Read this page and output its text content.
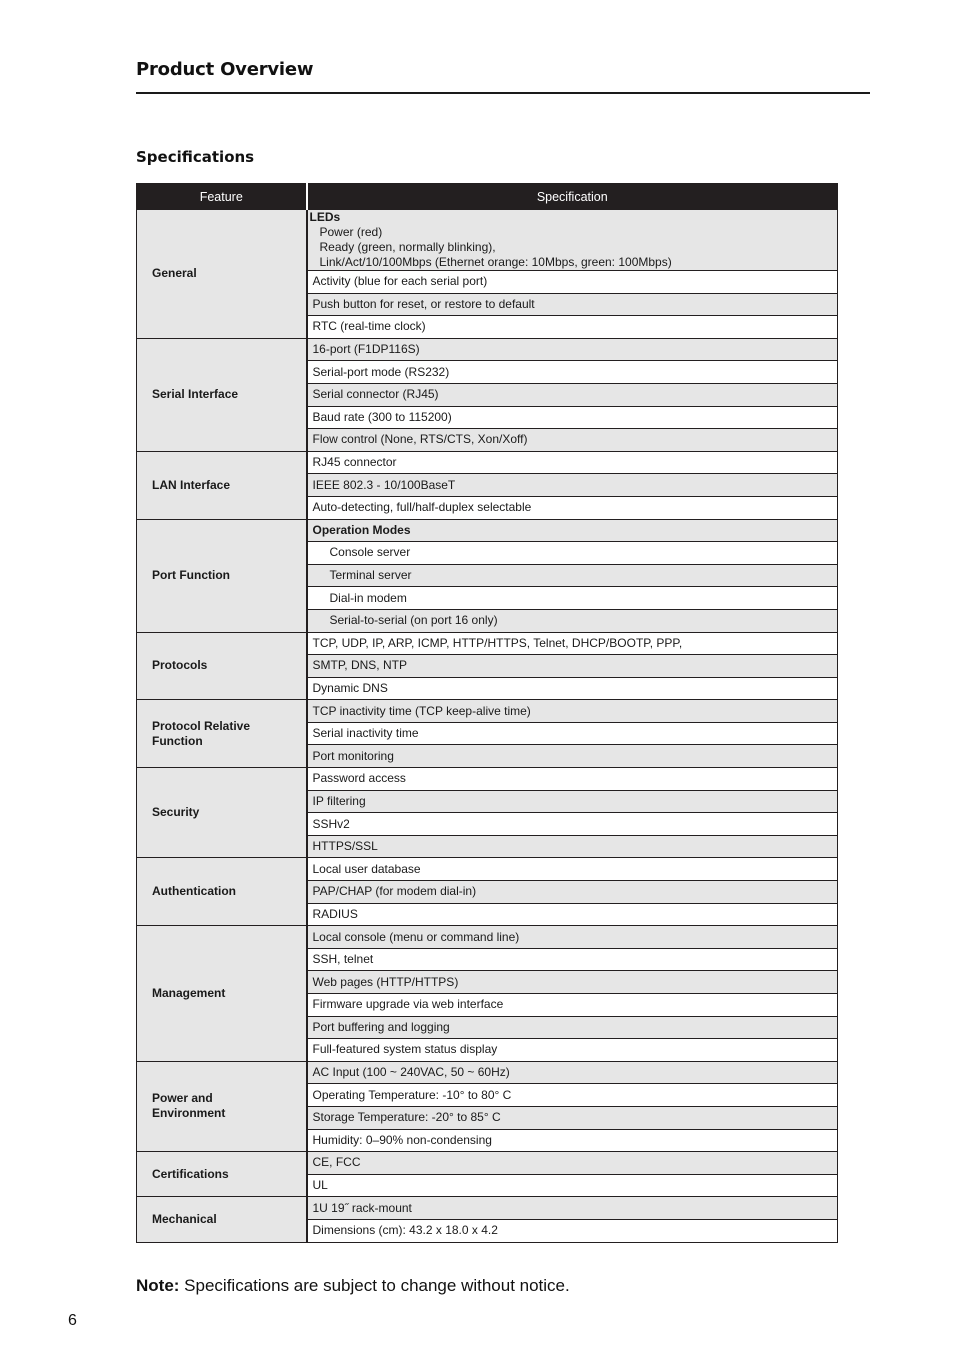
Product Overview
Specifications
Feature	Specification
General	LEDs
Power (red)
Ready (green, normally blinking),
Link/Act/10/100Mbps (Ethernet orange: 10Mbps, green: 100Mbps)

	Activity (blue for each serial port)
	Push button for reset, or restore to default
	RTC (real-time clock)
Serial Interface	16-port (F1DP116S)
	Serial-port mode (RS232)
	Serial connector (RJ45)
	Baud rate (300 to 115200)
	Flow control (None, RTS/CTS, Xon/Xoff)
LAN Interface	RJ45 connector
	IEEE 802.3 - 10/100BaseT
	Auto-detecting, full/half-duplex selectable
Port Function	Operation Modes
	Console server
	Terminal server
	Dial-in modem
	Serial-to-serial (on port 16 only)
Protocols	TCP, UDP, IP, ARP, ICMP, HTTP/HTTPS, Telnet, DHCP/BOOTP, PPP,
	SMTP, DNS, NTP
	Dynamic DNS
Protocol Relative
Function	TCP inactivity time (TCP keep-alive time)
	Serial inactivity time
	Port monitoring
Security	Password access
	IP filtering
	SSHv2
	HTTPS/SSL
Authentication	Local user database
	PAP/CHAP (for modem dial-in)
	RADIUS
Management	Local console (menu or command line)
	SSH, telnet
	Web pages (HTTP/HTTPS)
	Firmware upgrade via web interface
	Port buffering and logging
	Full-featured system status display
Power and
Environment	AC Input (100 ~ 240VAC, 50 ~ 60Hz)
	Operating Temperature: -10° to 80° C
	Storage Temperature: -20° to 85° C
	Humidity: 0–90% non-condensing
Certifications	CE, FCC
	UL
Mechanical	1U 19˝ rack-mount
	Dimensions (cm): 43.2 x 18.0 x 4.2
Note: Specifications are subject to change without notice.
6
